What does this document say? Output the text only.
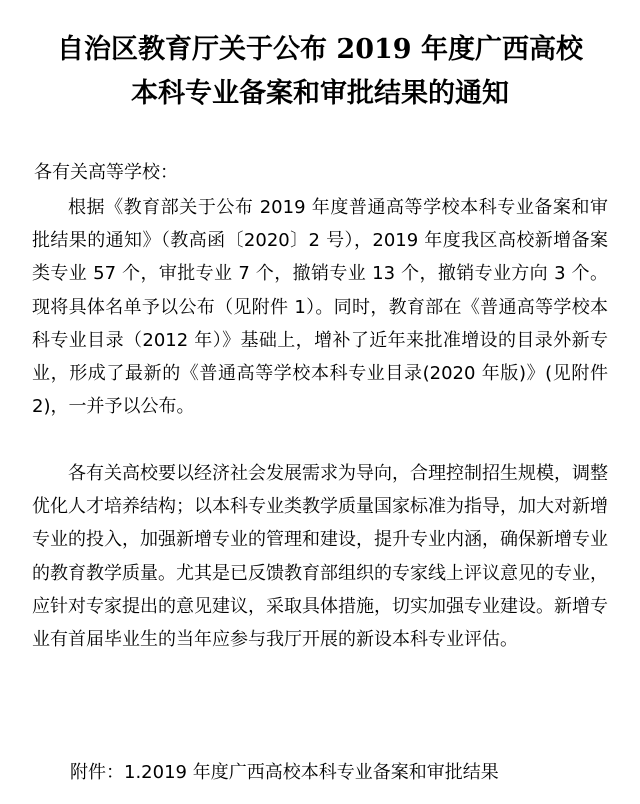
自治区教育厅关于公布 2019 年度广西高校
本科专业备案和审批结果的通知
各有关高等学校：

根据《教育部关于公布 2019 年度普通高等学校本科专业备案和审批结果的通知》（教高函〔2020〕2 号），2019 年度我区高校新增备案类专业 57 个，审批专业 7 个，撤销专业 13 个，撤销专业方向 3 个。现将具体名单予以公布（见附件 1）。同时，教育部在《普通高等学校本科专业目录（2012 年）》基础上，增补了近年来批准增设的目录外新专业，形成了最新的《普通高等学校本科专业目录(2020 年版)》(见附件 2)，一并予以公布。

各有关高校要以经济社会发展需求为导向，合理控制招生规模，调整优化人才培养结构；以本科专业类教学质量国家标准为指导，加大对新增专业的投入，加强新增专业的管理和建设，提升专业内涵，确保新增专业的教育教学质量。尤其是已反馈教育部组织的专家线上评议意见的专业，应针对专家提出的意见建议，采取具体措施，切实加强专业建设。新增专业有首届毕业生的当年应参与我厅开展的新设本科专业评估。

附件：1.2019 年度广西高校本科专业备案和审批结果
